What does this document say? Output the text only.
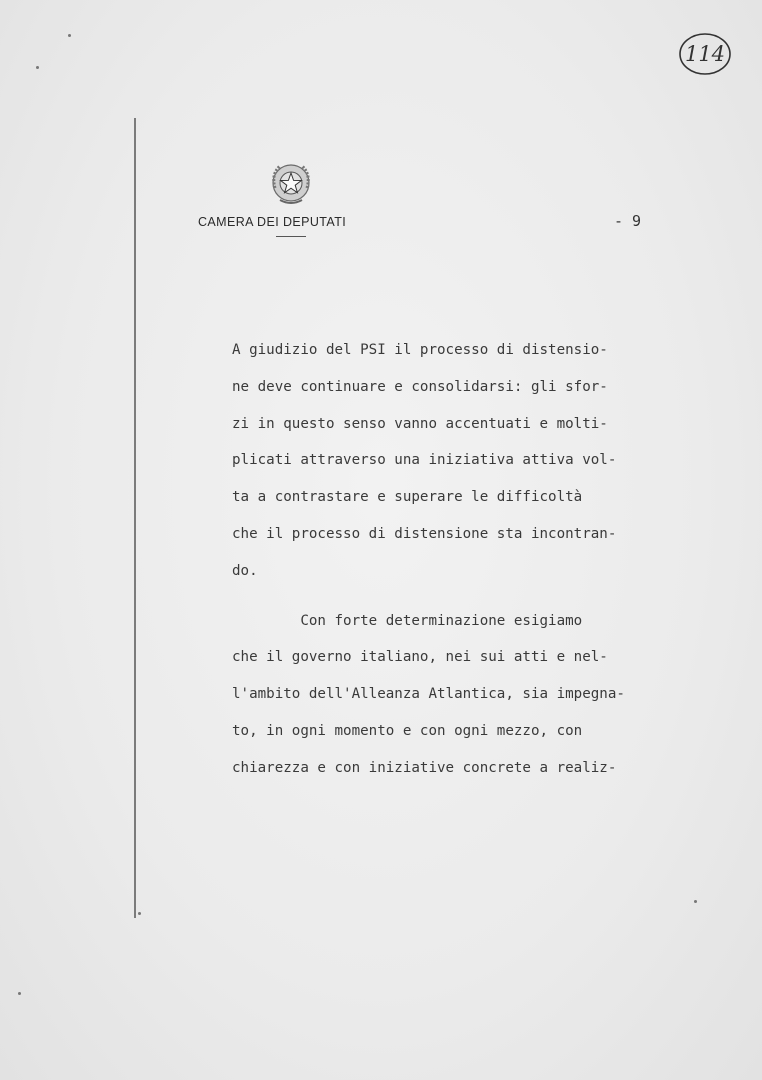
114
CAMERA DEI DEPUTATI	- 9
A giudizio del PSI il processo di distensio-
ne deve continuare e consolidarsi: gli sfor-
zi in questo senso vanno accentuati e molti-
plicati attraverso una iniziativa attiva vol-
ta a contrastare e superare le difficoltà
che il processo di distensione sta incontran-
do.
Con forte determinazione esigiamo
che il governo italiano, nei sui atti e nel-
l'ambito dell'Alleanza Atlantica, sia impegna-
to, in ogni momento e con ogni mezzo, con
chiarezza e con iniziative concrete a realiz-
